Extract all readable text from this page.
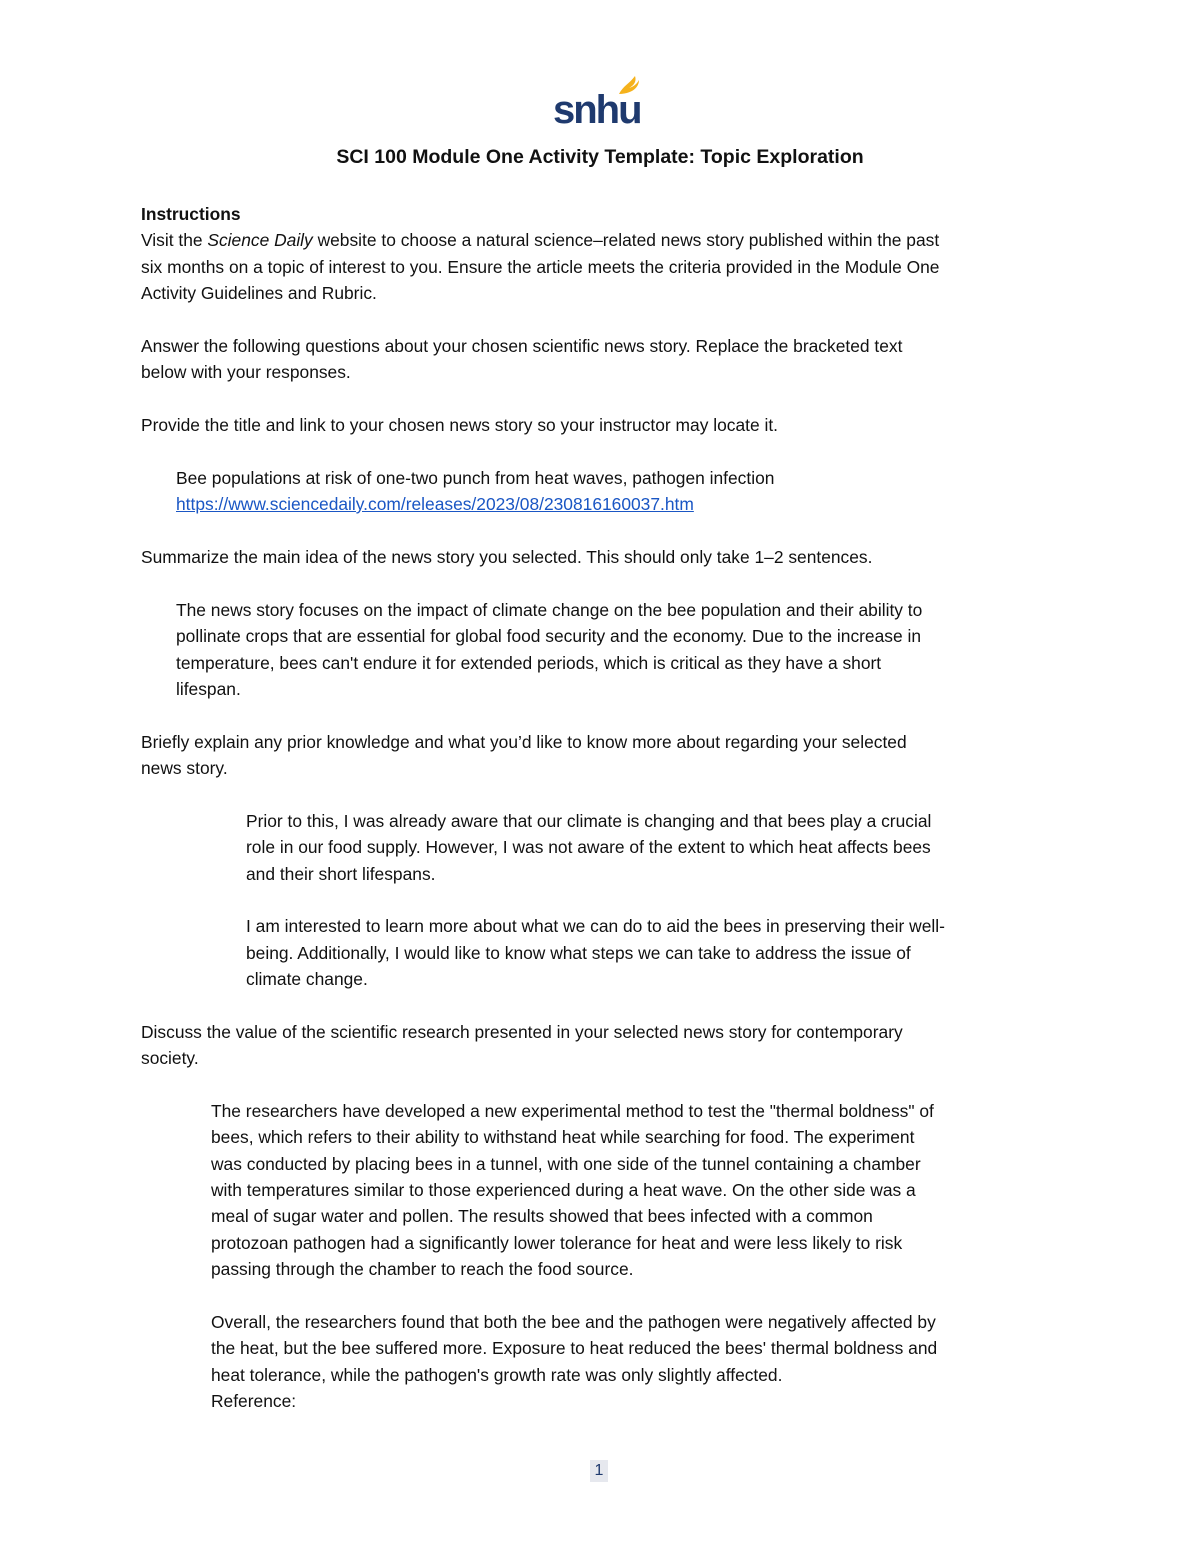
snhu
SCI 100 Module One Activity Template: Topic Exploration
Instructions
Visit the Science Daily website to choose a natural science–related news story published within the past
six months on a topic of interest to you. Ensure the article meets the criteria provided in the Module One
Activity Guidelines and Rubric.
Answer the following questions about your chosen scientific news story. Replace the bracketed text
below with your responses.
Provide the title and link to your chosen news story so your instructor may locate it.
Bee populations at risk of one-two punch from heat waves, pathogen infection
https://www.sciencedaily.com/releases/2023/08/230816160037.htm
Summarize the main idea of the news story you selected. This should only take 1–2 sentences.
The news story focuses on the impact of climate change on the bee population and their ability to
pollinate crops that are essential for global food security and the economy. Due to the increase in
temperature, bees can't endure it for extended periods, which is critical as they have a short
lifespan.
Briefly explain any prior knowledge and what you’d like to know more about regarding your selected
news story.
Prior to this, I was already aware that our climate is changing and that bees play a crucial
role in our food supply. However, I was not aware of the extent to which heat affects bees
and their short lifespans.
I am interested to learn more about what we can do to aid the bees in preserving their well-
being. Additionally, I would like to know what steps we can take to address the issue of
climate change.
Discuss the value of the scientific research presented in your selected news story for contemporary
society.
The researchers have developed a new experimental method to test the "thermal boldness" of
bees, which refers to their ability to withstand heat while searching for food. The experiment
was conducted by placing bees in a tunnel, with one side of the tunnel containing a chamber
with temperatures similar to those experienced during a heat wave. On the other side was a
meal of sugar water and pollen. The results showed that bees infected with a common
protozoan pathogen had a significantly lower tolerance for heat and were less likely to risk
passing through the chamber to reach the food source.
Overall, the researchers found that both the bee and the pathogen were negatively affected by
the heat, but the bee suffered more. Exposure to heat reduced the bees' thermal boldness and
heat tolerance, while the pathogen's growth rate was only slightly affected.
Reference:
1
